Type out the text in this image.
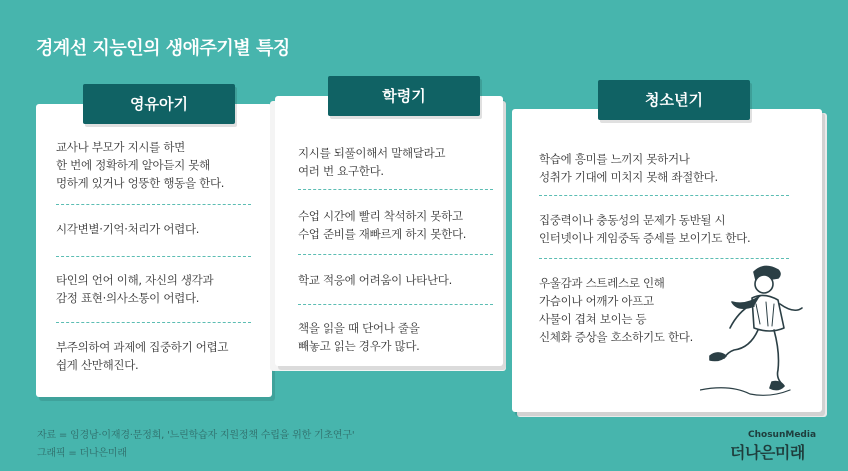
경계선 지능인의 생애주기별 특징
영유아기
교사나 부모가 지시를 하면
한 번에 정확하게 알아듣지 못해
멍하게 있거나 엉뚱한 행동을 한다.
시각변별·기억·처리가 어렵다.
타인의 언어 이해, 자신의 생각과
감정 표현·의사소통이 어렵다.
부주의하여 과제에 집중하기 어렵고
쉽게 산만해진다.
학령기
지시를 되풀이해서 말해달라고
여러 번 요구한다.
수업 시간에 빨리 착석하지 못하고
수업 준비를 재빠르게 하지 못한다.
학교 적응에 어려움이 나타난다.
책을 읽을 때 단어나 줄을
빼놓고 읽는 경우가 많다.
청소년기
학습에 흥미를 느끼지 못하거나
성취가 기대에 미치지 못해 좌절한다.
집중력이나 충동성의 문제가 동반될 시
인터넷이나 게임중독 증세를 보이기도 한다.
우울감과 스트레스로 인해
가슴이나 어깨가 아프고
사물이 겹쳐 보이는 등
신체화 증상을 호소하기도 한다.
자료 = 임경남·이재경·문정희, '느린학습자 지원정책 수립을 위한 기초연구'
그래픽 = 더나은미래
ChosunMedia
더나은미래
